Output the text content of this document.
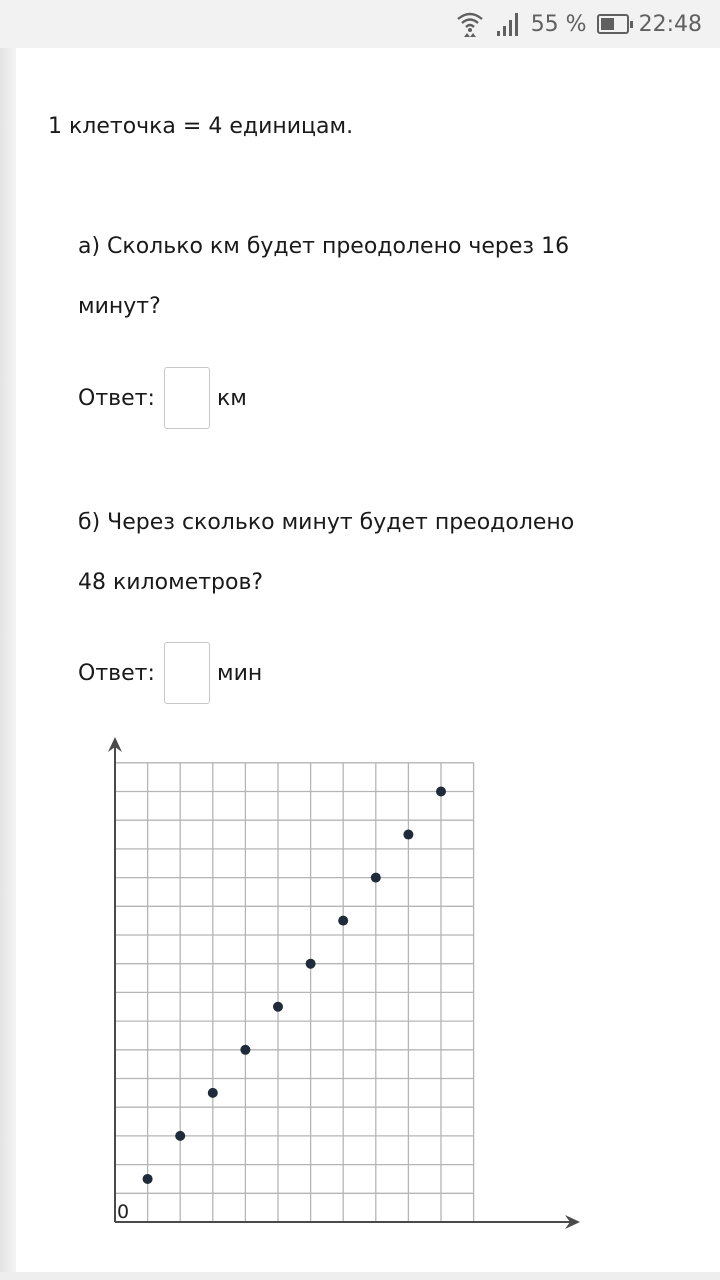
55 % 22:48

1 клеточка = 4 единицам.

а) Сколько км будет преодолено через 16

минут?

Ответ:	км

б) Через сколько минут будет преодолено

48 километров?

Ответ:	мин

0
